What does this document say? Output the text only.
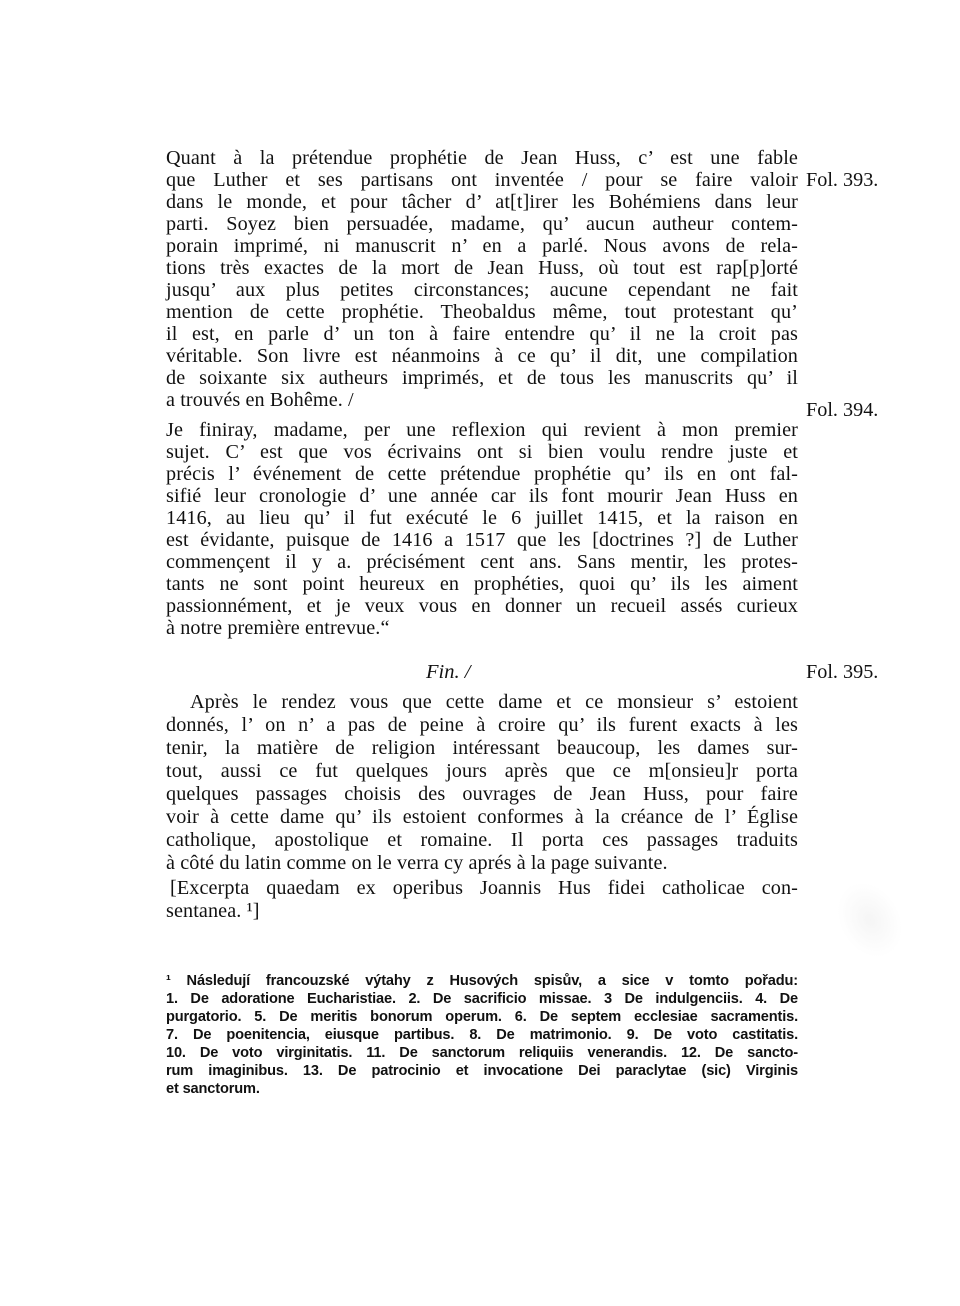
Quant à la prétendue prophétie de Jean Huss, c’ est une fable
que Luther et ses partisans ont inventée / pour se faire valoir
dans le monde, et pour tâcher d’ at[t]irer les Bohémiens dans leur
parti. Soyez bien persuadée, madame, qu’ aucun autheur contem-
porain imprimé, ni manuscrit n’ en a parlé. Nous avons de rela-
tions très exactes de la mort de Jean Huss, où tout est rap[p]orté
jusqu’ aux plus petites circonstances; aucune cependant ne fait
mention de cette prophétie. Theobaldus même, tout protestant qu’
il est, en parle d’ un ton à faire entendre qu’ il ne la croit pas
véritable. Son livre est néanmoins à ce qu’ il dit, une compilation
de soixante six autheurs imprimés, et de tous les manuscrits qu’ il
a trouvés en Bohême. /
Je finiray, madame, per une reflexion qui revient à mon premier
sujet. C’ est que vos écrivains ont si bien voulu rendre juste et
précis l’ événement de cette prétendue prophétie qu’ ils en ont fal-
sifié leur cronologie d’ une année car ils font mourir Jean Huss en
1416, au lieu qu’ il fut exécuté le 6 juillet 1415, et la raison en
est évidante, puisque de 1416 a 1517 que les [doctrines ?] de Luther
commençent il y a. précisément cent ans. Sans mentir, les protes-
tants ne sont point heureux en prophéties, quoi qu’ ils les aiment
passionnément, et je veux vous en donner un recueil assés curieux
à notre première entrevue.“
Fin. /
Après le rendez vous que cette dame et ce monsieur s’ estoient
donnés, l’ on n’ a pas de peine à croire qu’ ils furent exacts à les
tenir, la matière de religion intéressant beaucoup, les dames sur-
tout, aussi ce fut quelques jours après que ce m[onsieu]r porta
quelques passages choisis des ouvrages de Jean Huss, pour faire
voir à cette dame qu’ ils estoient conformes à la créance de l’ Église
catholique, apostolique et romaine. Il porta ces passages traduits
à côté du latin comme on le verra cy aprés à la page suivante.
[Excerpta quaedam ex operibus Joannis Hus fidei catholicae con-
sentanea. ¹]
Fol. 393.
Fol. 394.
Fol. 395.
¹ Následují francouzské výtahy z Husových spisův, a sice v tomto pořadu:
1. De adoratione Eucharistiae. 2. De sacrificio missae. 3 De indulgenciis. 4. De
purgatorio. 5. De meritis bonorum operum. 6. De septem ecclesiae sacramentis.
7. De poenitencia, eiusque partibus. 8. De matrimonio. 9. De voto castitatis.
10. De voto virginitatis. 11. De sanctorum reliquiis venerandis. 12. De sancto-
rum imaginibus. 13. De patrocinio et invocatione Dei paraclytae (sic) Virginis
et sanctorum.
